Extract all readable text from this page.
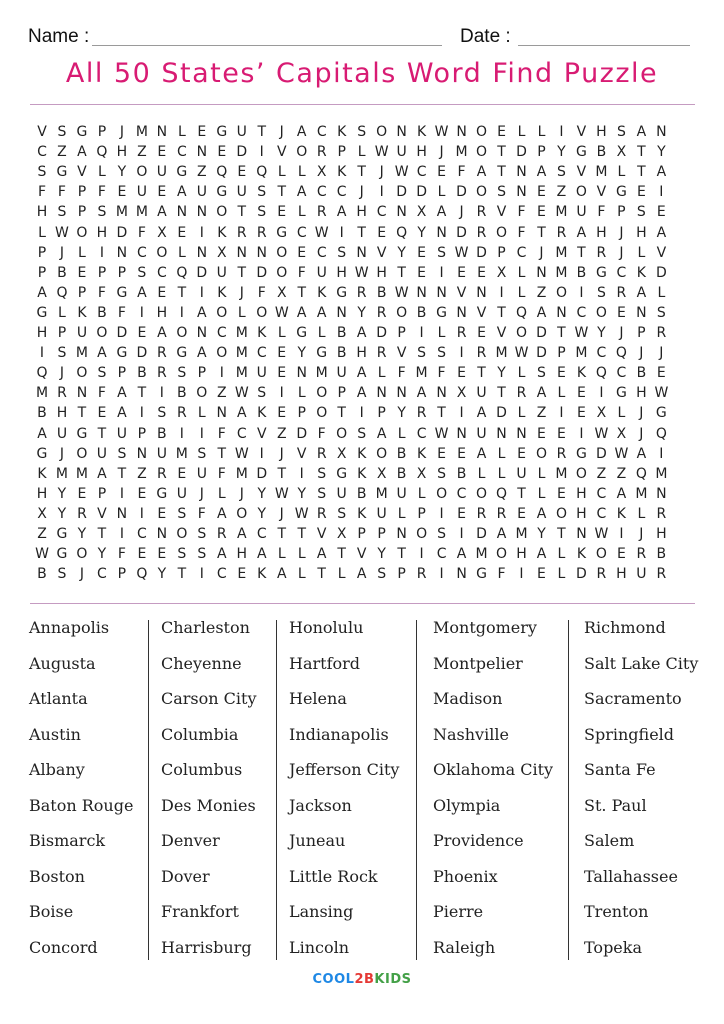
Name :	Date :
All 50 States’ Capitals Word Find Puzzle
V S G P J M N L E G U T J A C K S O N K W N O E L L I V H S A N
C Z A Q H Z E C N E D I V O R P L W U H J M O T D P Y G B X T Y
S G V L Y O U G Z Q E Q L L X K T J W C E F A T N A S V M L T A
F F P F E U E A U G U S T A C C J	I D D L D O S N E Z O V G E I
H S P S M M A N N O T S E L R A H C N X A J R V F E M U F P S E
L W O H D F X E I K R R G C W I T E Q Y N D R O F T R A H J H A
P J	L	I N C O L N X N N O E C S N V Y E S W D P C J M T R J	L V
P B E P P S C Q D U T D O F U H W H T E I E E X L N M B G C K D
A Q P F G A E T I K J F X T K G R B W N N V N I	L Z O I S R A L
G L K B F I H I A O L O W A A N Y R O B G N V T Q A N C O E N S
H P U O D E A O N C M K L G L B A D P I	L R E V O D T W Y J P R
I S M A G D R G A O M C E Y G B H R V S S I R M W D P M C Q J	J
Q J O S P B R S P I M U E N M U A L F M F E T Y L S E K Q C B E
M R N F A T I B O Z W S I	L O P A N N A N X U T R A L E I G H W
B H T E A I S R L N A K E P O T I P Y R T I A D L Z I E X L	J G
A U G T U P B I	I F C V Z D F O S A L C W N U N N E E I W X J Q
G J O U S N U M S T W I	J V R X K O B K E E A L E O R G D W A I
K M M A T Z R E U F M D T I S G K X B X S B L L U L M O Z Z Q M
H Y E P I E G U J	L	J Y W Y S U B M U L O C O Q T L E H C A M N
X Y R V N I E S F A O Y J W R S K U L P I E R R E A O H C K L R
Z G Y T I C N O S R A C T T V X P P N O S I D A M Y T N W I	J H
W G O Y F E E S S A H A L L A T V Y T I C A M O H A L K O E R B
B S J C P Q Y T I C E K A L T L A S P R I N G F I E L D R H U R
Annapolis
Augusta
Atlanta
Austin
Albany
Baton Rouge
Bismarck
Boston
Boise
Concord
Charleston
Cheyenne
Carson City
Columbia
Columbus
Des Monies
Denver
Dover
Frankfort
Harrisburg
Honolulu
Hartford
Helena
Indianapolis
Jefferson City
Jackson
Juneau
Little Rock
Lansing
Lincoln
Montgomery
Montpelier
Madison
Nashville
Oklahoma City
Olympia
Providence
Phoenix
Pierre
Raleigh
Richmond
Salt Lake City
Sacramento
Springfield
Santa Fe
St. Paul
Salem
Tallahassee
Trenton
Topeka
COOL2BKIDS
